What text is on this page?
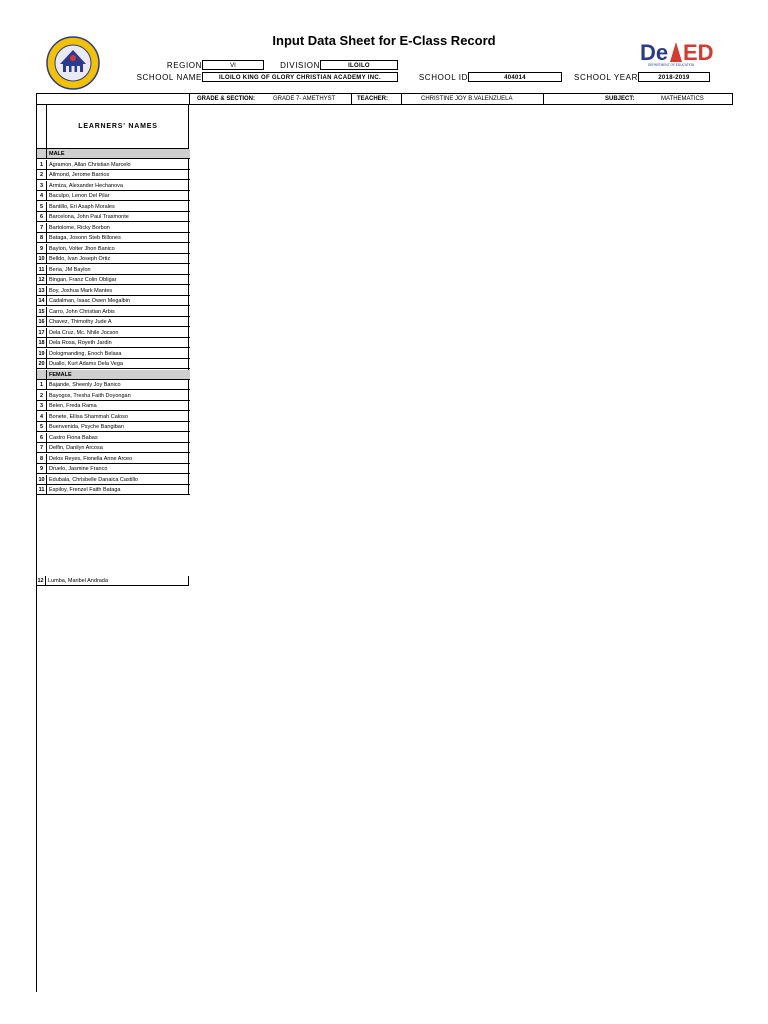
De ED
DEPARTMENT OF EDUCATION
Input Data Sheet for E-Class Record
REGION	VI	DIVISION	ILOILO
SCHOOL NAME	ILOILO KING OF GLORY CHRISTIAN ACADEMY INC.	SCHOOL ID	404014	SCHOOL YEAR	2018-2019
GRADE & SECTION:	GRADE 7- AMETHYST	TEACHER:	CHRISTINE JOY B.VALENZUELA	SUBJECT:	MATHEMATICS
LEARNERS' NAMES
MALE
1	Agramon, Allan Christian Marcelo
2	Allmond, Jerome Barrios
3	Armiza, Alexander Hechanova
4	Baculpo, Lenon Del Pilar
5	Bantillo, Eri Asaph Morales
6	Barcelona, John Paul Trasmonte
7	Bartolome, Ricky Borbon
8	Bataga, Josonn Steb Billones
9	Baylon, Volter Jhon Banico
10 Belldo, Ivan Joseph Ortiz
11 Beria, JM Baylon
12 Bingan, Franz Colin Obligar
13 Boy, Joshua Mark Mantes
14 Cadalman, Isaac Owen Megalbin
15 Carro, John Christian Arbis
16 Chavez, Thimothy Jude A
17 Dela Cruz, Mc. Nhile Jocson
18 Dela Rosa, Royeth Jardin
19 Dologmanding, Enoch Belasa
20 Duallo, Kurt Adams Dela Vega
FEMALE
1	Bajande, Sheenly Joy Banico
2	Bayogos, Tresha Faith Doyongan
3	Belen, Freda Rama
4	Bonete, Ellisa Shammah Caloso
5	Buenvenida, Psyche Bangiban
6	Castro Fiona Babas
7	Delfin, Danilyn Arcosa
8	Delos Reyes, Fionella Anne Arceo
9	Druelo, Jasmine Franco
10 Edubala, Chrisbelle Danaica Castillo
11 Espiloy, Frenzel Faith Bataga
12 Lumba, Maribel Andrada
